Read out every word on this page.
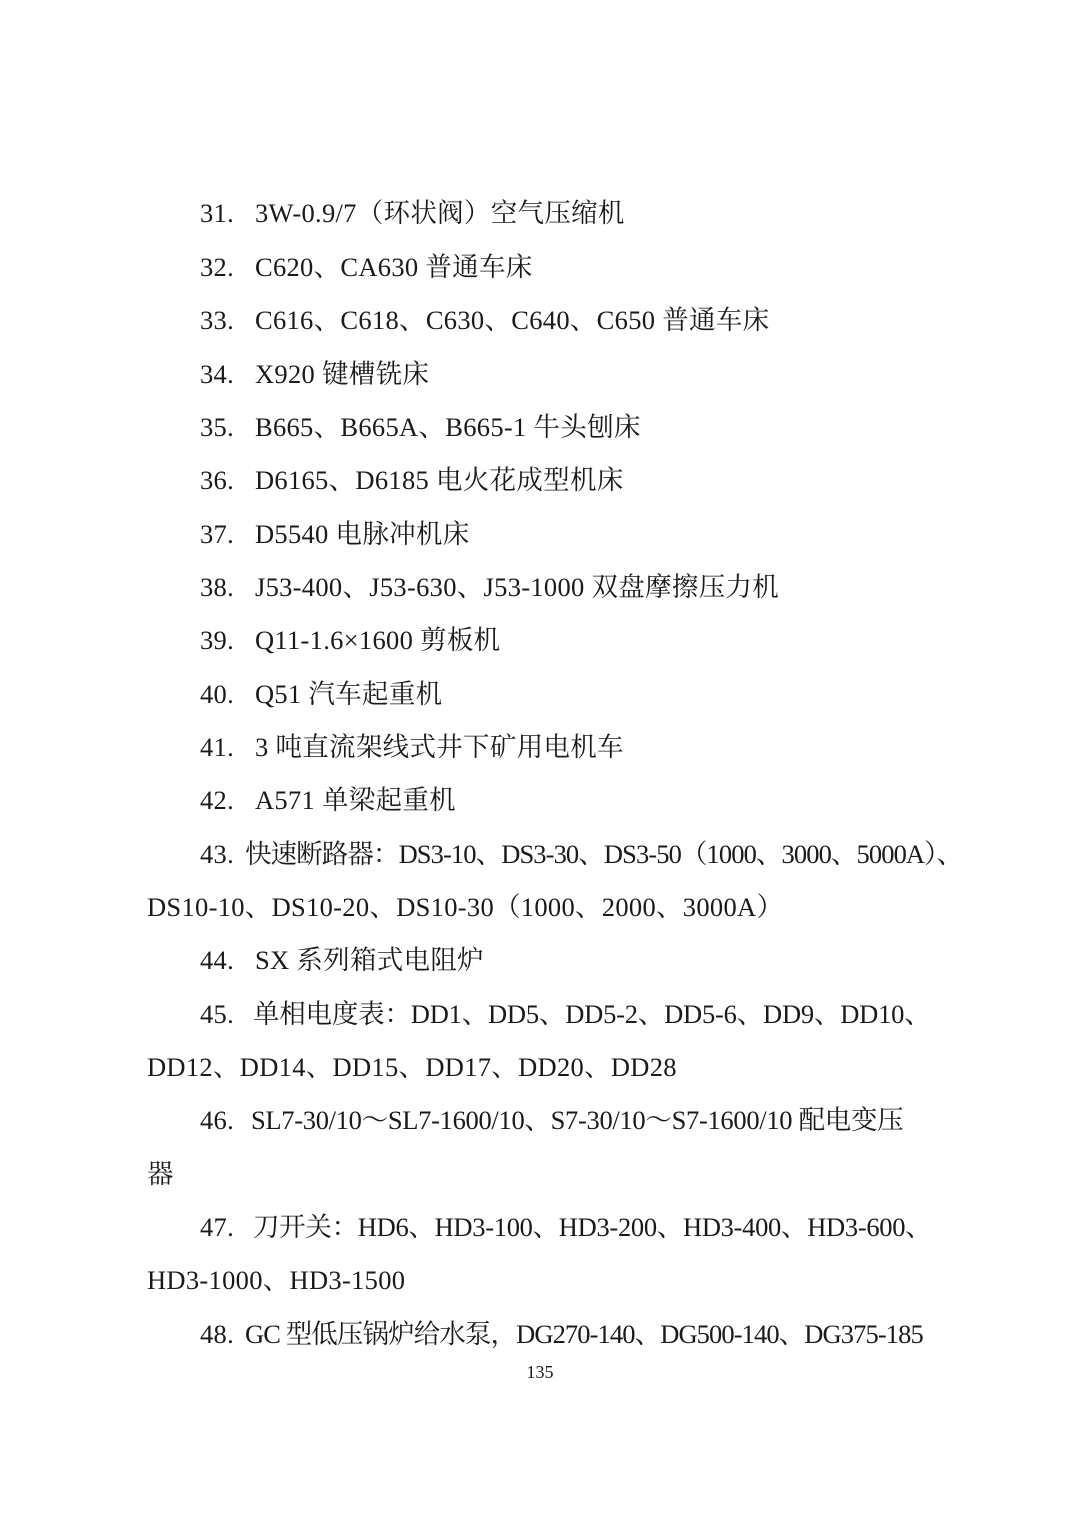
31. 3W-0.9/7（环状阀）空气压缩机
32. C620、CA630 普通车床
33. C616、C618、C630、C640、C650 普通车床
34. X920 键槽铣床
35. B665、B665A、B665-1 牛头刨床
36. D6165、D6185 电火花成型机床
37. D5540 电脉冲机床
38. J53-400、J53-630、J53-1000 双盘摩擦压力机
39. Q11-1.6×1600 剪板机
40. Q51 汽车起重机
41. 3 吨直流架线式井下矿用电机车
42. A571 单梁起重机
43. 快速断路器：DS3-10、DS3-30、DS3-50（1000、3000、5000A）、
DS10-10、DS10-20、DS10-30（1000、2000、3000A）
44. SX 系列箱式电阻炉
45. 单相电度表：DD1、DD5、DD5-2、DD5-6、DD9、DD10、
DD12、DD14、DD15、DD17、DD20、DD28
46. SL7-30/10～SL7-1600/10、S7-30/10～S7-1600/10 配电变压
器
47. 刀开关：HD6、HD3-100、HD3-200、HD3-400、HD3-600、
HD3-1000、HD3-1500
48. GC 型低压锅炉给水泵，DG270-140、DG500-140、DG375-185
135
